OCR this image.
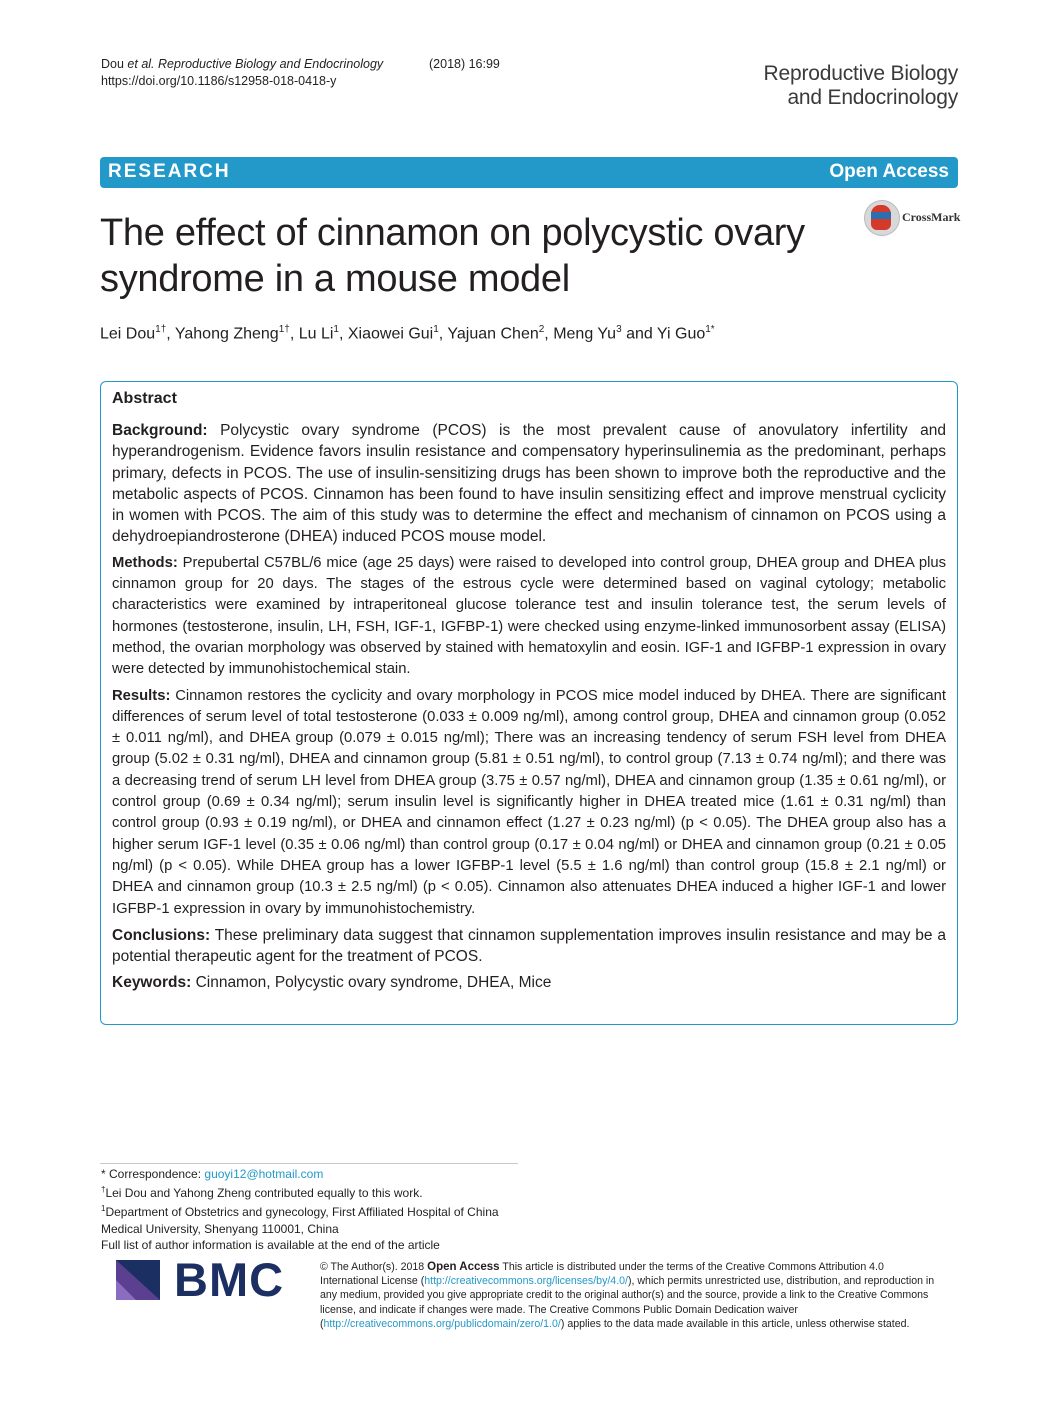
Dou et al. Reproductive Biology and Endocrinology	(2018) 16:99
https://doi.org/10.1186/s12958-018-0418-y	Reproductive Biology
and Endocrinology
RESEARCH	Open Access
The effect of cinnamon on polycystic ovary syndrome in a mouse model
CrossMark
Lei Dou$^{1\dagger}$, Yahong Zheng$^{1\dagger}$, Lu Li$^1$, Xiaowei Gui$^1$, Yajuan Chen$^2$, Meng Yu$^3$ and Yi Guo$^{1*}$
Abstract

Background: Polycystic ovary syndrome (PCOS) is the most prevalent cause of anovulatory infertility and hyperandrogenism. Evidence favors insulin resistance and compensatory hyperinsulinemia as the predominant, perhaps primary, defects in PCOS. The use of insulin-sensitizing drugs has been shown to improve both the reproductive and the metabolic aspects of PCOS. Cinnamon has been found to have insulin sensitizing effect and improve menstrual cyclicity in women with PCOS. The aim of this study was to determine the effect and mechanism of cinnamon on PCOS using a dehydroepiandrosterone (DHEA) induced PCOS mouse model.

Methods: Prepubertal C57BL/6 mice (age 25 days) were raised to developed into control group, DHEA group and DHEA plus cinnamon group for 20 days. The stages of the estrous cycle were determined based on vaginal cytology; metabolic characteristics were examined by intraperitoneal glucose tolerance test and insulin tolerance test, the serum levels of hormones (testosterone, insulin, LH, FSH, IGF-1, IGFBP-1) were checked using enzyme-linked immunosorbent assay (ELISA) method, the ovarian morphology was observed by stained with hematoxylin and eosin. IGF-1 and IGFBP-1 expression in ovary were detected by immunohistochemical stain.

Results: Cinnamon restores the cyclicity and ovary morphology in PCOS mice model induced by DHEA. There are significant differences of serum level of total testosterone (0.033 ± 0.009 ng/ml), among control group, DHEA and cinnamon group (0.052 ± 0.011 ng/ml), and DHEA group (0.079 ± 0.015 ng/ml); There was an increasing tendency of serum FSH level from DHEA group (5.02 ± 0.31 ng/ml), DHEA and cinnamon group (5.81 ± 0.51 ng/ml), to control group (7.13 ± 0.74 ng/ml); and there was a decreasing trend of serum LH level from DHEA group (3.75 ± 0.57 ng/ml), DHEA and cinnamon group (1.35 ± 0.61 ng/ml), or control group (0.69 ± 0.34 ng/ml); serum insulin level is significantly higher in DHEA treated mice (1.61 ± 0.31 ng/ml) than control group (0.93 ± 0.19 ng/ml), or DHEA and cinnamon effect (1.27 ± 0.23 ng/ml) (p < 0.05). The DHEA group also has a higher serum IGF-1 level (0.35 ± 0.06 ng/ml) than control group (0.17 ± 0.04 ng/ml) or DHEA and cinnamon group (0.21 ± 0.05 ng/ml) (p < 0.05). While DHEA group has a lower IGFBP-1 level (5.5 ± 1.6 ng/ml) than control group (15.8 ± 2.1 ng/ml) or DHEA and cinnamon group (10.3 ± 2.5 ng/ml) (p < 0.05). Cinnamon also attenuates DHEA induced a higher IGF-1 and lower IGFBP-1 expression in ovary by immunohistochemistry.

Conclusions: These preliminary data suggest that cinnamon supplementation improves insulin resistance and may be a potential therapeutic agent for the treatment of PCOS.

Keywords: Cinnamon, Polycystic ovary syndrome, DHEA, Mice

* Correspondence: guoyi12@hotmail.com
†Lei Dou and Yahong Zheng contributed equally to this work.
$^1$Department of Obstetrics and gynecology, First Affiliated Hospital of China Medical University, Shenyang 110001, China
Full list of author information is available at the end of the article
BMC	© The Author(s). 2018 Open Access This article is distributed under the terms of the Creative Commons Attribution 4.0 International License (http://creativecommons.org/licenses/by/4.0/), which permits unrestricted use, distribution, and reproduction in any medium, provided you give appropriate credit to the original author(s) and the source, provide a link to the Creative Commons license, and indicate if changes were made. The Creative Commons Public Domain Dedication waiver (http://creativecommons.org/publicdomain/zero/1.0/) applies to the data made available in this article, unless otherwise stated.
